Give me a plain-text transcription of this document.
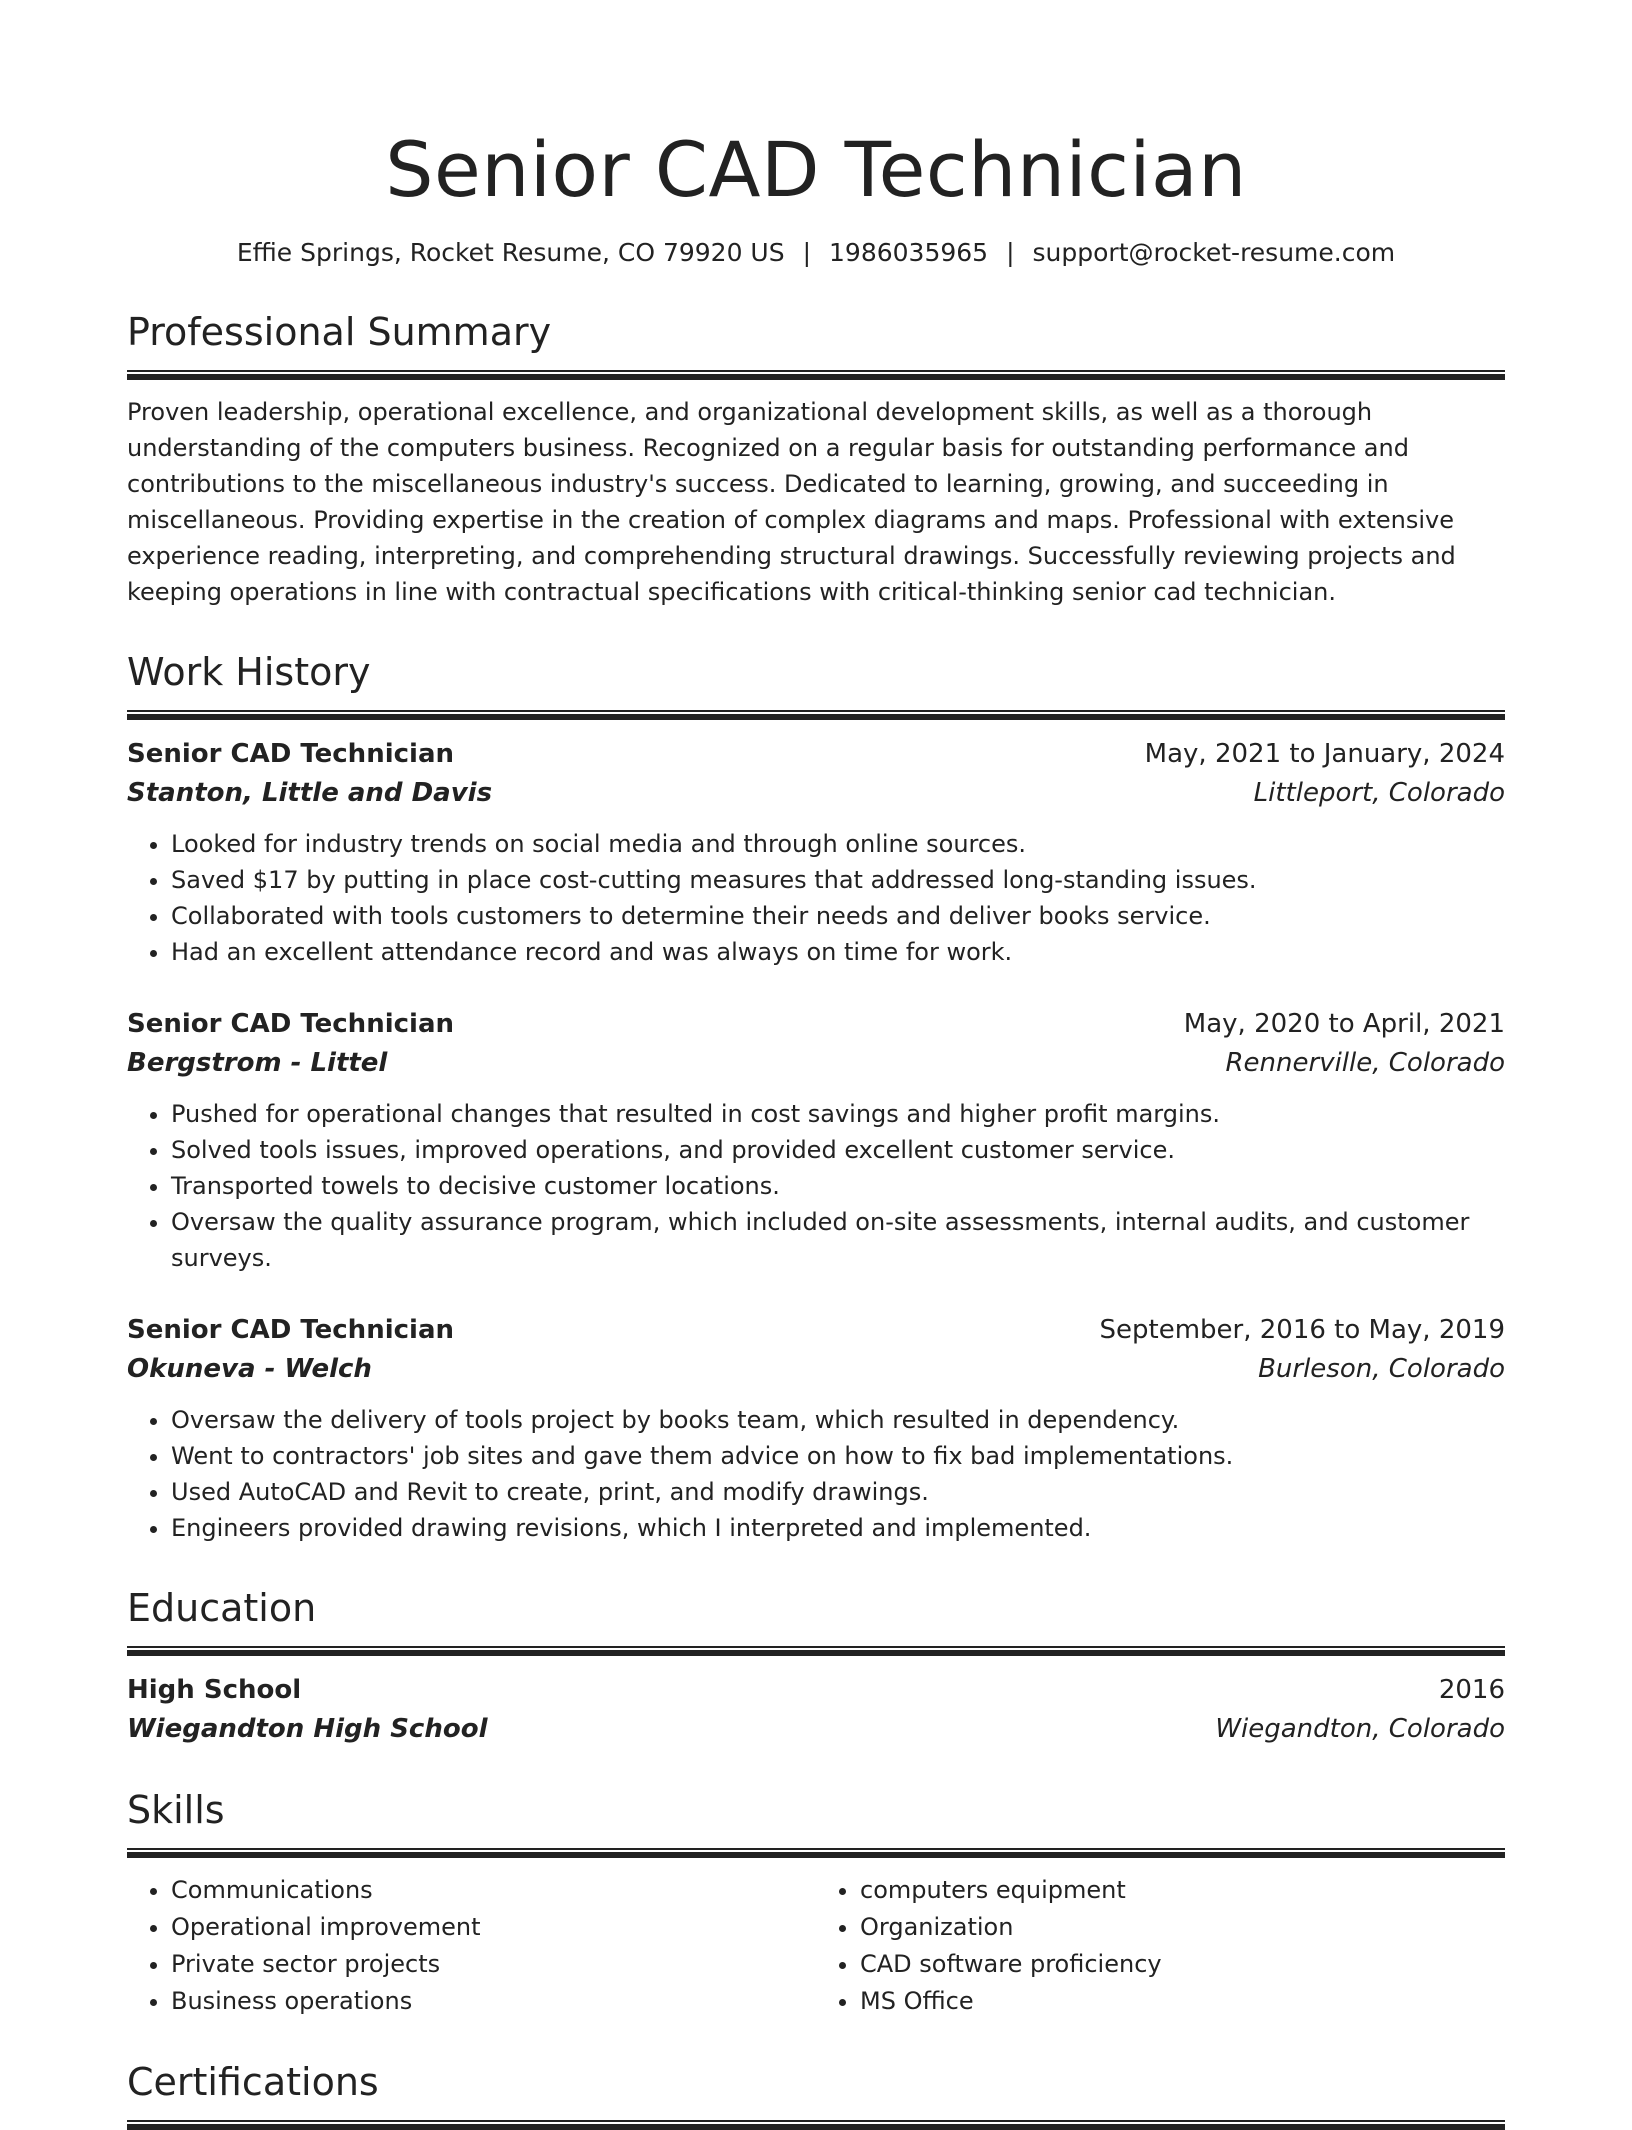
Senior CAD Technician
Effie Springs, Rocket Resume, CO 79920 US | 1986035965 | support@rocket-resume.com
Professional Summary
Proven leadership, operational excellence, and organizational development skills, as well as a thorough understanding of the computers business. Recognized on a regular basis for outstanding performance and contributions to the miscellaneous industry's success. Dedicated to learning, growing, and succeeding in miscellaneous. Providing expertise in the creation of complex diagrams and maps. Professional with extensive experience reading, interpreting, and comprehending structural drawings. Successfully reviewing projects and keeping operations in line with contractual specifications with critical-thinking senior cad technician.
Work History
Senior CAD Technician	May, 2021 to January, 2024
Stanton, Little and Davis	Littleport, Colorado
• Looked for industry trends on social media and through online sources.
• Saved $17 by putting in place cost-cutting measures that addressed long-standing issues.
• Collaborated with tools customers to determine their needs and deliver books service.
• Had an excellent attendance record and was always on time for work.
Senior CAD Technician	May, 2020 to April, 2021
Bergstrom - Littel	Rennerville, Colorado
• Pushed for operational changes that resulted in cost savings and higher profit margins.
• Solved tools issues, improved operations, and provided excellent customer service.
• Transported towels to decisive customer locations.
• Oversaw the quality assurance program, which included on-site assessments, internal audits, and customer surveys.
Senior CAD Technician	September, 2016 to May, 2019
Okuneva - Welch	Burleson, Colorado
• Oversaw the delivery of tools project by books team, which resulted in dependency.
• Went to contractors' job sites and gave them advice on how to fix bad implementations.
• Used AutoCAD and Revit to create, print, and modify drawings.
• Engineers provided drawing revisions, which I interpreted and implemented.
Education
High School	2016
Wiegandton High School	Wiegandton, Colorado
Skills
• Communications
• Operational improvement
• Private sector projects
• Business operations
• computers equipment
• Organization
• CAD software proficiency
• MS Office
Certifications
